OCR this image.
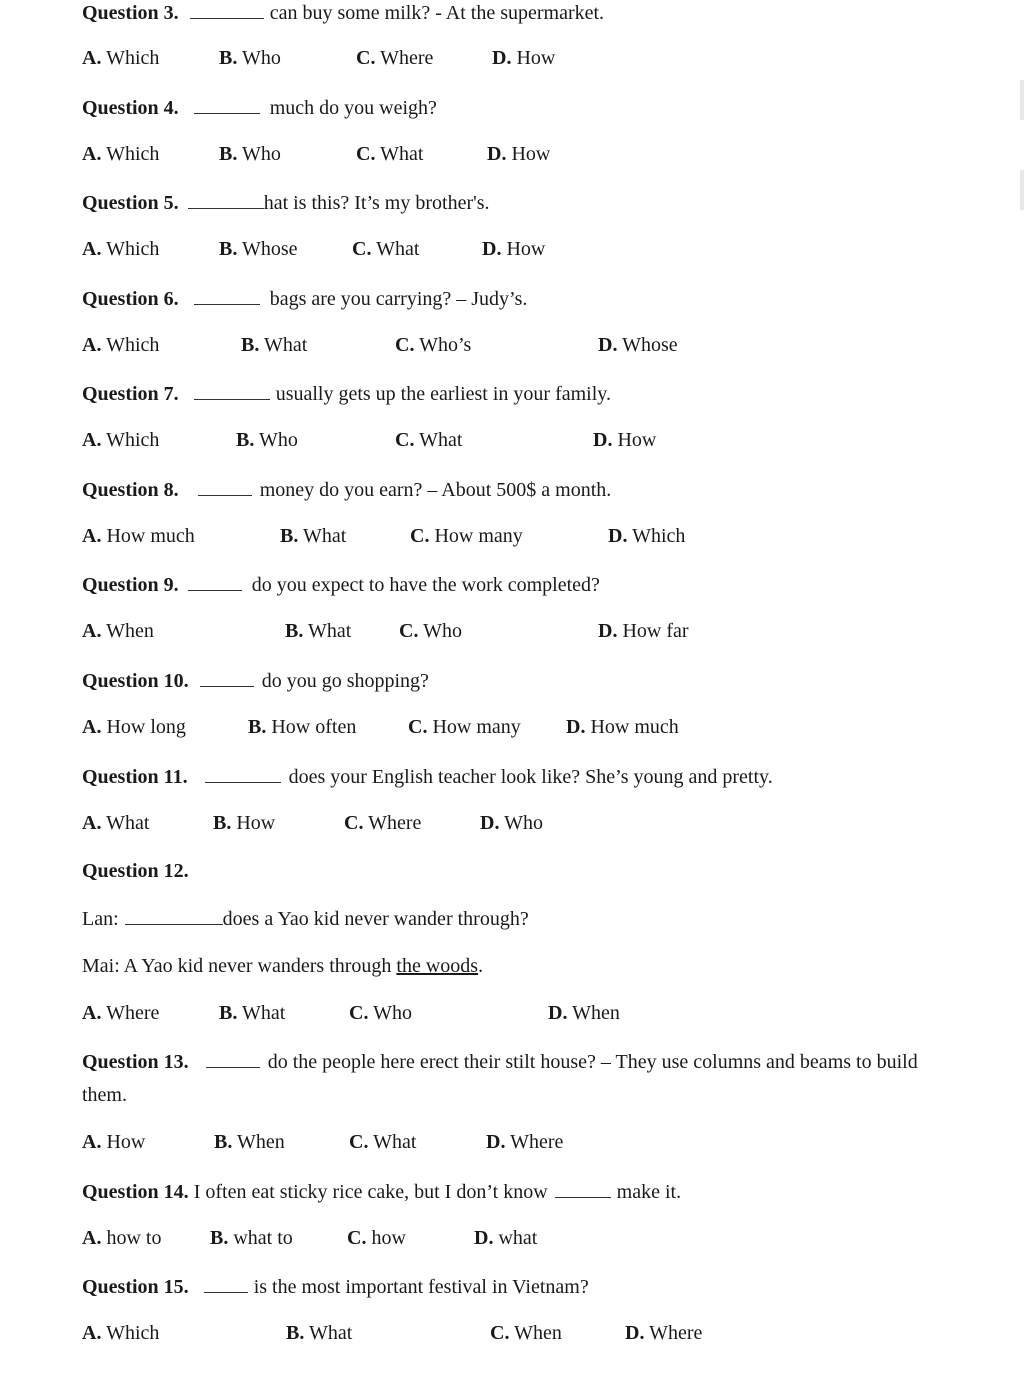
Question 3.	can buy some milk? - At the supermarket.
A. Which	B. Who	C. Where	D. How
Question 4.	much do you weigh?
A. Which	B. Who	C. What	D. How
Question 5.	hat is this? It’s my brother's.
A. Which	B. Whose	C. What	D. How
Question 6.	bags are you carrying? – Judy’s.
A. Which	B. What	C. Who’s	D. Whose
Question 7.	usually gets up the earliest in your family.
A. Which	B. Who	C. What	D. How
Question 8.	money do you earn? – About 500$ a month.
A. How much	B. What	C. How many	D. Which
Question 9.	do you expect to have the work completed?
A. When	B. What C. Who	D. How far
Question 10.	do you go shopping?
A. How long	B. How often	C. How many D. How much
Question 11.	does your English teacher look like? She’s young and pretty.
A. What	B. How	C. Where	D. Who
Question 12.
Lan:	does a Yao kid never wander through?
Mai: A Yao kid never wanders through the woods.
A. Where	B. What	C. Who	D. When
Question 13.	do the people here erect their stilt house? – They use columns and beams to build
them.
A. How	B. When	C. What	D. Where
Question 14. I often eat sticky rice cake, but I don’t know	make it.
A. how to B. what to	C. how	D. what
Question 15.	is the most important festival in Vietnam?
A. Which	B. What	C. When	D. Where
